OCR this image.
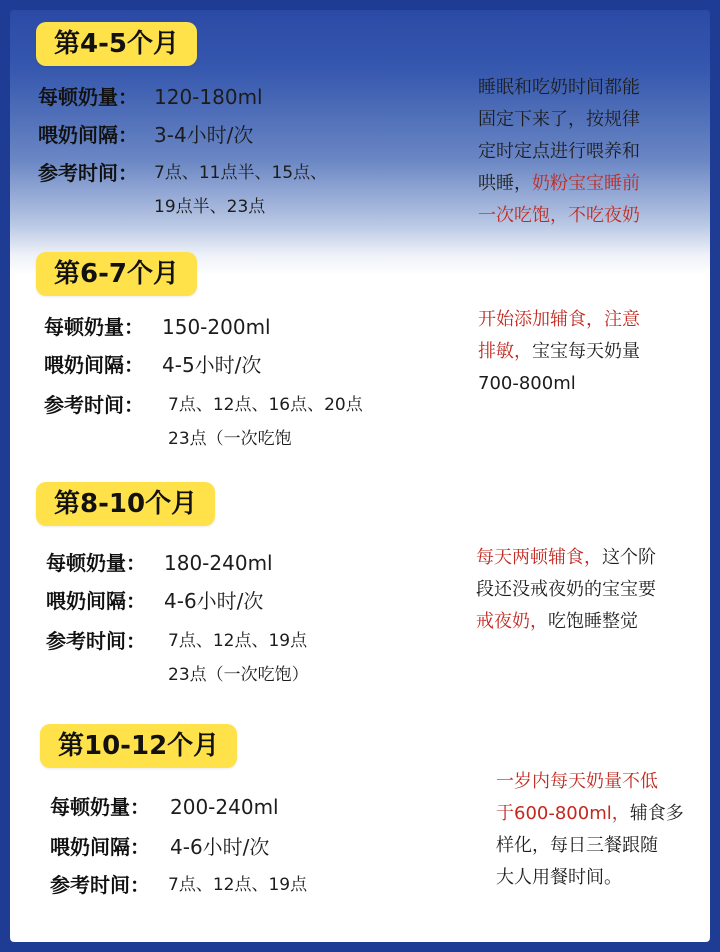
第4-5个月
每顿奶量： 120-180ml
喂奶间隔： 3-4小时/次
参考时间： 7点、11点半、15点、
19点半、23点
睡眠和吃奶时间都能
固定下来了，按规律
定时定点进行喂养和
哄睡，奶粉宝宝睡前
一次吃饱，不吃夜奶
第6-7个月
每顿奶量： 150-200ml
喂奶间隔： 4-5小时/次
参考时间： 7点、12点、16点、20点
23点（一次吃饱
开始添加辅食，注意
排敏，宝宝每天奶量
700-800ml
第8-10个月
每顿奶量： 180-240ml
喂奶间隔： 4-6小时/次
参考时间： 7点、12点、19点
23点（一次吃饱）
每天两顿辅食，这个阶
段还没戒夜奶的宝宝要
戒夜奶，吃饱睡整觉
第10-12个月
每顿奶量： 200-240ml
喂奶间隔： 4-6小时/次
参考时间： 7点、12点、19点
一岁内每天奶量不低
于600-800ml，辅食多
样化，每日三餐跟随
大人用餐时间。
是静静了
